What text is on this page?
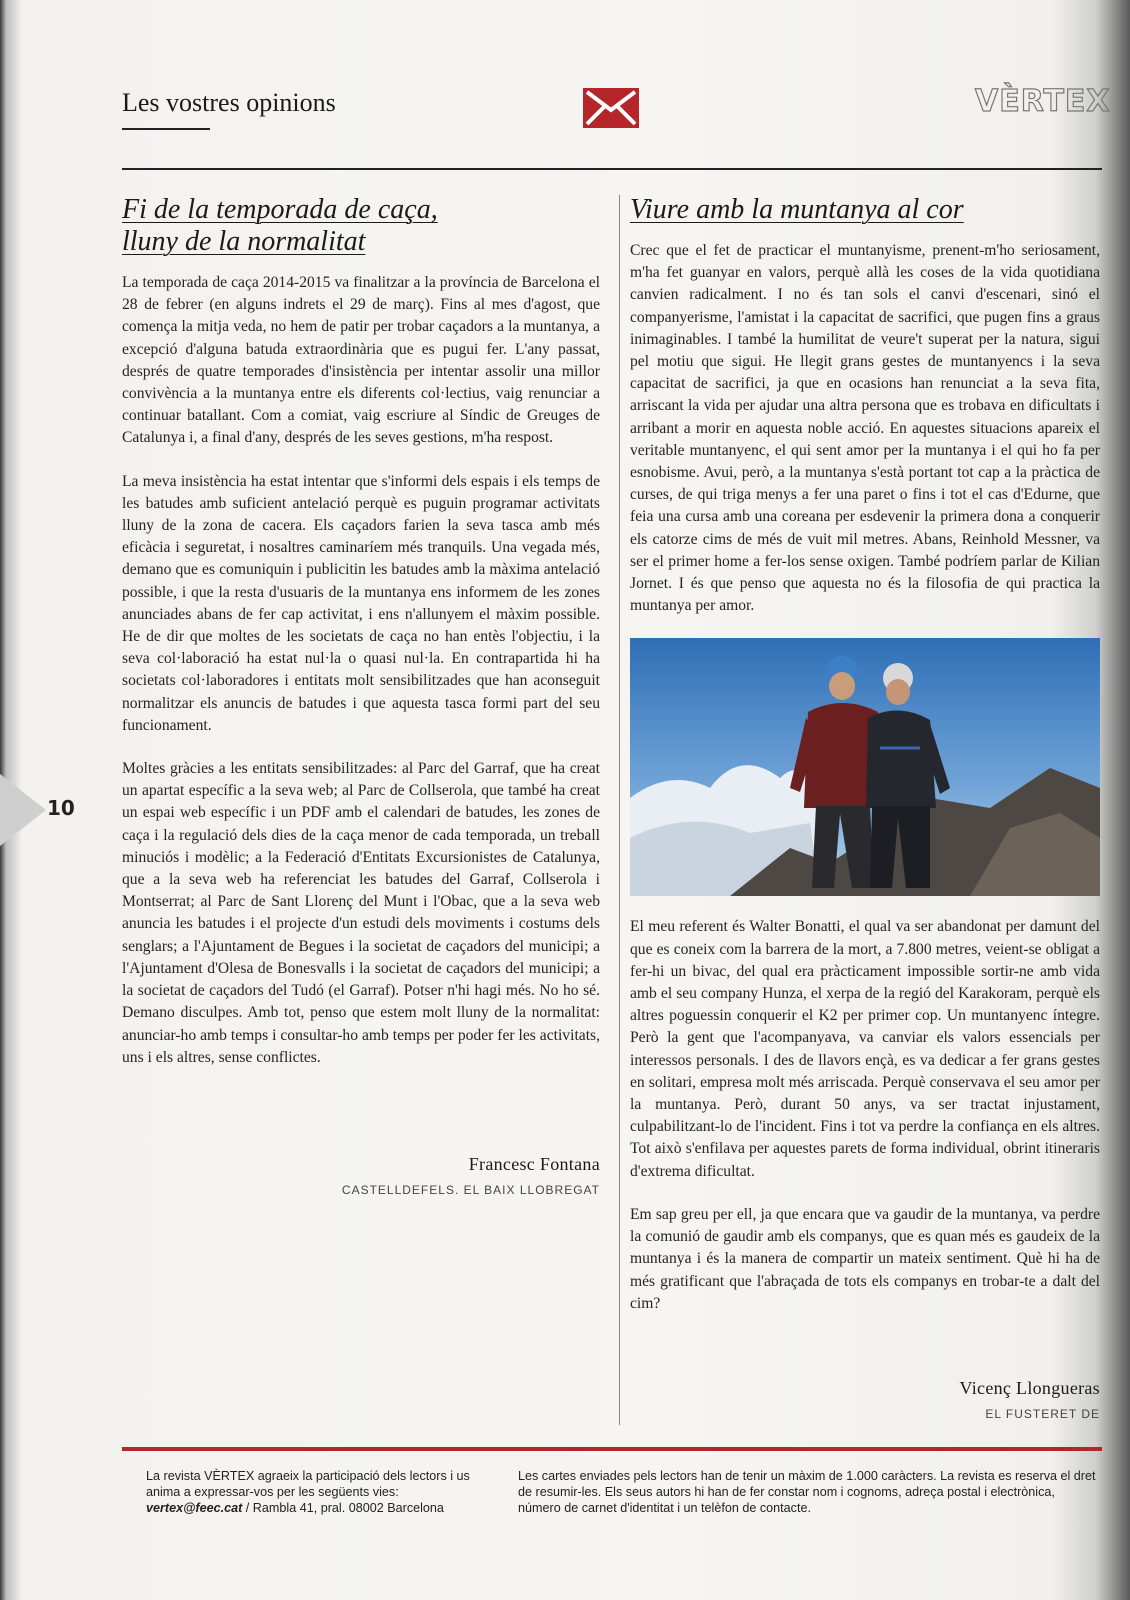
Les vostres opinions	VÈRTEX
Fi de la temporada de caça, lluny de la normalitat

La temporada de caça 2014-2015 va finalitzar a la província de Barcelona el 28 de febrer (en alguns indrets el 29 de març). Fins al mes d'agost, que comença la mitja veda, no hem de patir per trobar caçadors a la muntanya, a excepció d'alguna batuda extraordinària que es pugui fer. L'any passat, després de quatre temporades d'insistència per intentar assolir una millor convivència a la muntanya entre els diferents col·lectius, vaig renunciar a continuar batallant. Com a comiat, vaig escriure al Síndic de Greuges de Catalunya i, a final d'any, després de les seves gestions, m'ha respost.

La meva insistència ha estat intentar que s'informi dels espais i els temps de les batudes amb suficient antelació perquè es puguin programar activitats lluny de la zona de cacera. Els caçadors farien la seva tasca amb més eficàcia i seguretat, i nosaltres caminaríem més tranquils. Una vegada més, demano que es comuniquin i publicitin les batudes amb la màxima antelació possible, i que la resta d'usuaris de la muntanya ens informem de les zones anunciades abans de fer cap activitat, i ens n'allunyem el màxim possible. He de dir que moltes de les societats de caça no han entès l'objectiu, i la seva col·laboració ha estat nul·la o quasi nul·la. En contrapartida hi ha societats col·laboradores i entitats molt sensibilitzades que han aconseguit normalitzar els anuncis de batudes i que aquesta tasca formi part del seu funcionament.

Moltes gràcies a les entitats sensibilitzades: al Parc del Garraf, que ha creat un apartat específic a la seva web; al Parc de Collserola, que també ha creat un espai web específic i un PDF amb el calendari de batudes, les zones de caça i la regulació dels dies de la caça menor de cada temporada, un treball minuciós i modèlic; a la Federació d'Entitats Excursionistes de Catalunya, que a la seva web ha referenciat les batudes del Garraf, Collserola i Montserrat; al Parc de Sant Llorenç del Munt i l'Obac, que a la seva web anuncia les batudes i el projecte d'un estudi dels moviments i costums dels senglars; a l'Ajuntament de Begues i la societat de caçadors del municipi; a l'Ajuntament d'Olesa de Bonesvalls i la societat de caçadors del municipi; a la societat de caçadors del Tudó (el Garraf). Potser n'hi hagi més. No ho sé. Demano disculpes. Amb tot, penso que estem molt lluny de la normalitat: anunciar-ho amb temps i consultar-ho amb temps per poder fer les activitats, uns i els altres, sense conflictes.

Francesc Fontana
CASTELLDEFELS. EL BAIX LLOBREGAT
Viure amb la muntanya al cor

Crec que el fet de practicar el muntanyisme, prenent-m'ho seriosament, m'ha fet guanyar en valors, perquè allà les coses de la vida quotidiana canvien radicalment. I no és tan sols el canvi d'escenari, sinó el companyerisme, l'amistat i la capacitat de sacrifici, que pugen fins a graus inimaginables. I també la humilitat de veure't superat per la natura, sigui pel motiu que sigui. He llegit grans gestes de muntanyencs i la seva capacitat de sacrifici, ja que en ocasions han renunciat a la seva fita, arriscant la vida per ajudar una altra persona que es trobava en dificultats i arribant a morir en aquesta noble acció. En aquestes situacions apareix el veritable muntanyenc, el qui sent amor per la muntanya i el qui ho fa per esnobisme. Avui, però, a la muntanya s'està portant tot cap a la pràctica de curses, de qui triga menys a fer una paret o fins i tot el cas d'Edurne, que feia una cursa amb una coreana per esdevenir la primera dona a conquerir els catorze cims de més de vuit mil metres. Abans, Reinhold Messner, va ser el primer home a fer-los sense oxigen. També podríem parlar de Kilian Jornet. I és que penso que aquesta no és la filosofia de qui practica la muntanya per amor.

El meu referent és Walter Bonatti, el qual va ser abandonat per damunt del que es coneix com la barrera de la mort, a 7.800 metres, veient-se obligat a fer-hi un bivac, del qual era pràcticament impossible sortir-ne amb vida amb el seu company Hunza, el xerpa de la regió del Karakoram, perquè els altres poguessin conquerir el K2 per primer cop. Un muntanyenc íntegre. Però la gent que l'acompanyava, va canviar els valors essencials per interessos personals. I des de llavors ençà, es va dedicar a fer grans gestes en solitari, empresa molt més arriscada. Perquè conservava el seu amor per la muntanya. Però, durant 50 anys, va ser tractat injustament, culpabilitzant-lo de l'incident. Fins i tot va perdre la confiança en els altres. Tot això s'enfilava per aquestes parets de forma individual, obrint itineraris d'extrema dificultat.

Em sap greu per ell, ja que encara que va gaudir de la muntanya, va perdre la comunió de gaudir amb els companys, que es quan més es gaudeix de la muntanya i és la manera de compartir un mateix sentiment. Què hi ha de més gratificant que l'abraçada de tots els companys en trobar-te a dalt del cim?

Vicenç Llongueras
EL FUSTERET DE
10

La revista VÈRTEX agraeix la participació dels lectors i us anima a expressar-vos per les següents vies: vertex@feec.cat / Rambla 41, pral. 08002 Barcelona

Les cartes enviades pels lectors han de tenir un màxim de 1.000 caràcters. La revista es reserva el dret de resumir-les. Els seus autors hi han de fer constar nom i cognoms, adreça postal i electrònica, número de carnet d'identitat i un telèfon de contacte.
